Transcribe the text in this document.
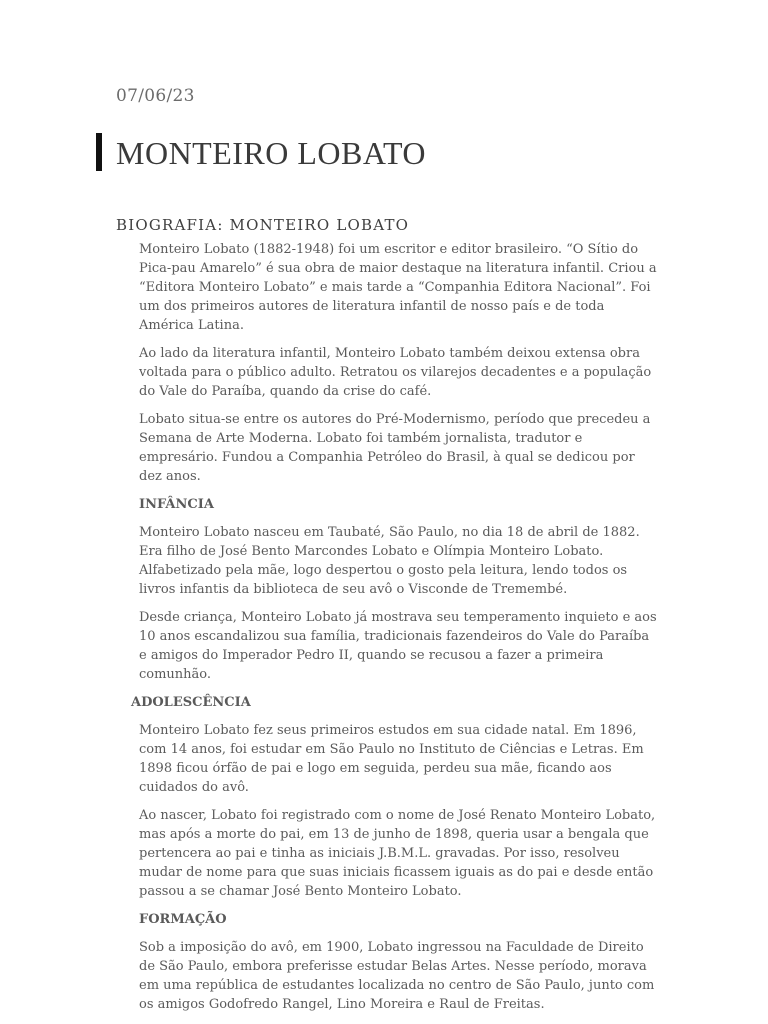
07/06/23
MONTEIRO LOBATO
BIOGRAFIA: MONTEIRO LOBATO

Monteiro Lobato (1882-1948) foi um escritor e editor brasileiro. “O Sítio do Pica-pau Amarelo” é sua obra de maior destaque na literatura infantil. Criou a “Editora Monteiro Lobato” e mais tarde a “Companhia Editora Nacional”. Foi um dos primeiros autores de literatura infantil de nosso país e de toda América Latina.

Ao lado da literatura infantil, Monteiro Lobato também deixou extensa obra voltada para o público adulto. Retratou os vilarejos decadentes e a população do Vale do Paraíba, quando da crise do café.

Lobato situa-se entre os autores do Pré-Modernismo, período que precedeu a Semana de Arte Moderna. Lobato foi também jornalista, tradutor e empresário. Fundou a Companhia Petróleo do Brasil, à qual se dedicou por dez anos.

INFÂNCIA

Monteiro Lobato nasceu em Taubaté, São Paulo, no dia 18 de abril de 1882. Era filho de José Bento Marcondes Lobato e Olímpia Monteiro Lobato. Alfabetizado pela mãe, logo despertou o gosto pela leitura, lendo todos os livros infantis da biblioteca de seu avô o Visconde de Tremembé.

Desde criança, Monteiro Lobato já mostrava seu temperamento inquieto e aos 10 anos escandalizou sua família, tradicionais fazendeiros do Vale do Paraíba e amigos do Imperador Pedro II, quando se recusou a fazer a primeira comunhão.

ADOLESCÊNCIA

Monteiro Lobato fez seus primeiros estudos em sua cidade natal. Em 1896, com 14 anos, foi estudar em São Paulo no Instituto de Ciências e Letras. Em 1898 ficou órfão de pai e logo em seguida, perdeu sua mãe, ficando aos cuidados do avô.

Ao nascer, Lobato foi registrado com o nome de José Renato Monteiro Lobato, mas após a morte do pai, em 13 de junho de 1898, queria usar a bengala que pertencera ao pai e tinha as iniciais J.B.M.L. gravadas. Por isso, resolveu mudar de nome para que suas iniciais ficassem iguais as do pai e desde então passou a se chamar José Bento Monteiro Lobato.

FORMAÇÃO

Sob a imposição do avô, em 1900, Lobato ingressou na Faculdade de Direito de São Paulo, embora preferisse estudar Belas Artes. Nesse período, morava em uma república de estudantes localizada no centro de São Paulo, junto com os amigos Godofredo Rangel, Lino Moreira e Raul de Freitas.
